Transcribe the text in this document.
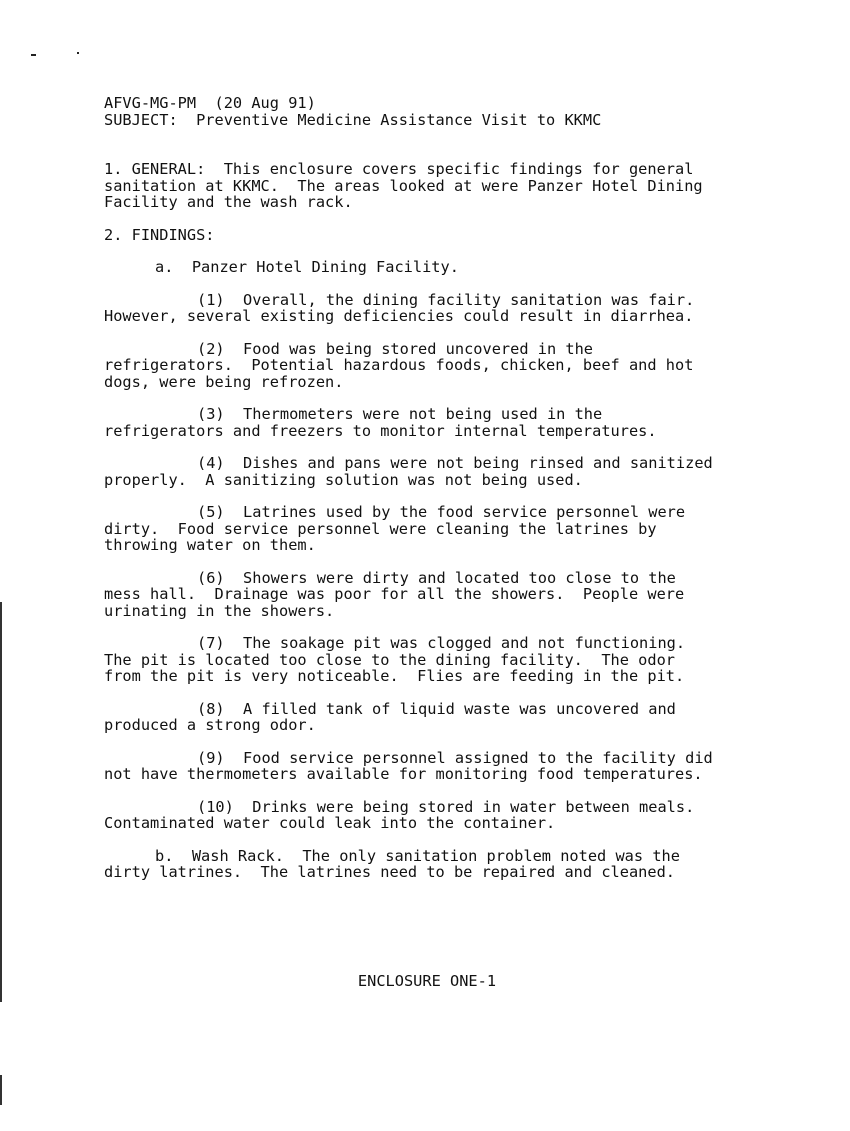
AFVG-MG-PM  (20 Aug 91)
SUBJECT:  Preventive Medicine Assistance Visit to KKMC
1. GENERAL:  This enclosure covers specific findings for general
sanitation at KKMC.  The areas looked at were Panzer Hotel Dining
Facility and the wash rack.
2. FINDINGS:
a.  Panzer Hotel Dining Facility.
(1)  Overall, the dining facility sanitation was fair.
However, several existing deficiencies could result in diarrhea.
(2)  Food was being stored uncovered in the
refrigerators.  Potential hazardous foods, chicken, beef and hot
dogs, were being refrozen.
(3)  Thermometers were not being used in the
refrigerators and freezers to monitor internal temperatures.
(4)  Dishes and pans were not being rinsed and sanitized
properly.  A sanitizing solution was not being used.
(5)  Latrines used by the food service personnel were
dirty.  Food service personnel were cleaning the latrines by
throwing water on them.
(6)  Showers were dirty and located too close to the
mess hall.  Drainage was poor for all the showers.  People were
urinating in the showers.
(7)  The soakage pit was clogged and not functioning.
The pit is located too close to the dining facility.  The odor
from the pit is very noticeable.  Flies are feeding in the pit.
(8)  A filled tank of liquid waste was uncovered and
produced a strong odor.
(9)  Food service personnel assigned to the facility did
not have thermometers available for monitoring food temperatures.
(10)  Drinks were being stored in water between meals.
Contaminated water could leak into the container.
b.  Wash Rack.  The only sanitation problem noted was the
dirty latrines.  The latrines need to be repaired and cleaned.
ENCLOSURE ONE-1
